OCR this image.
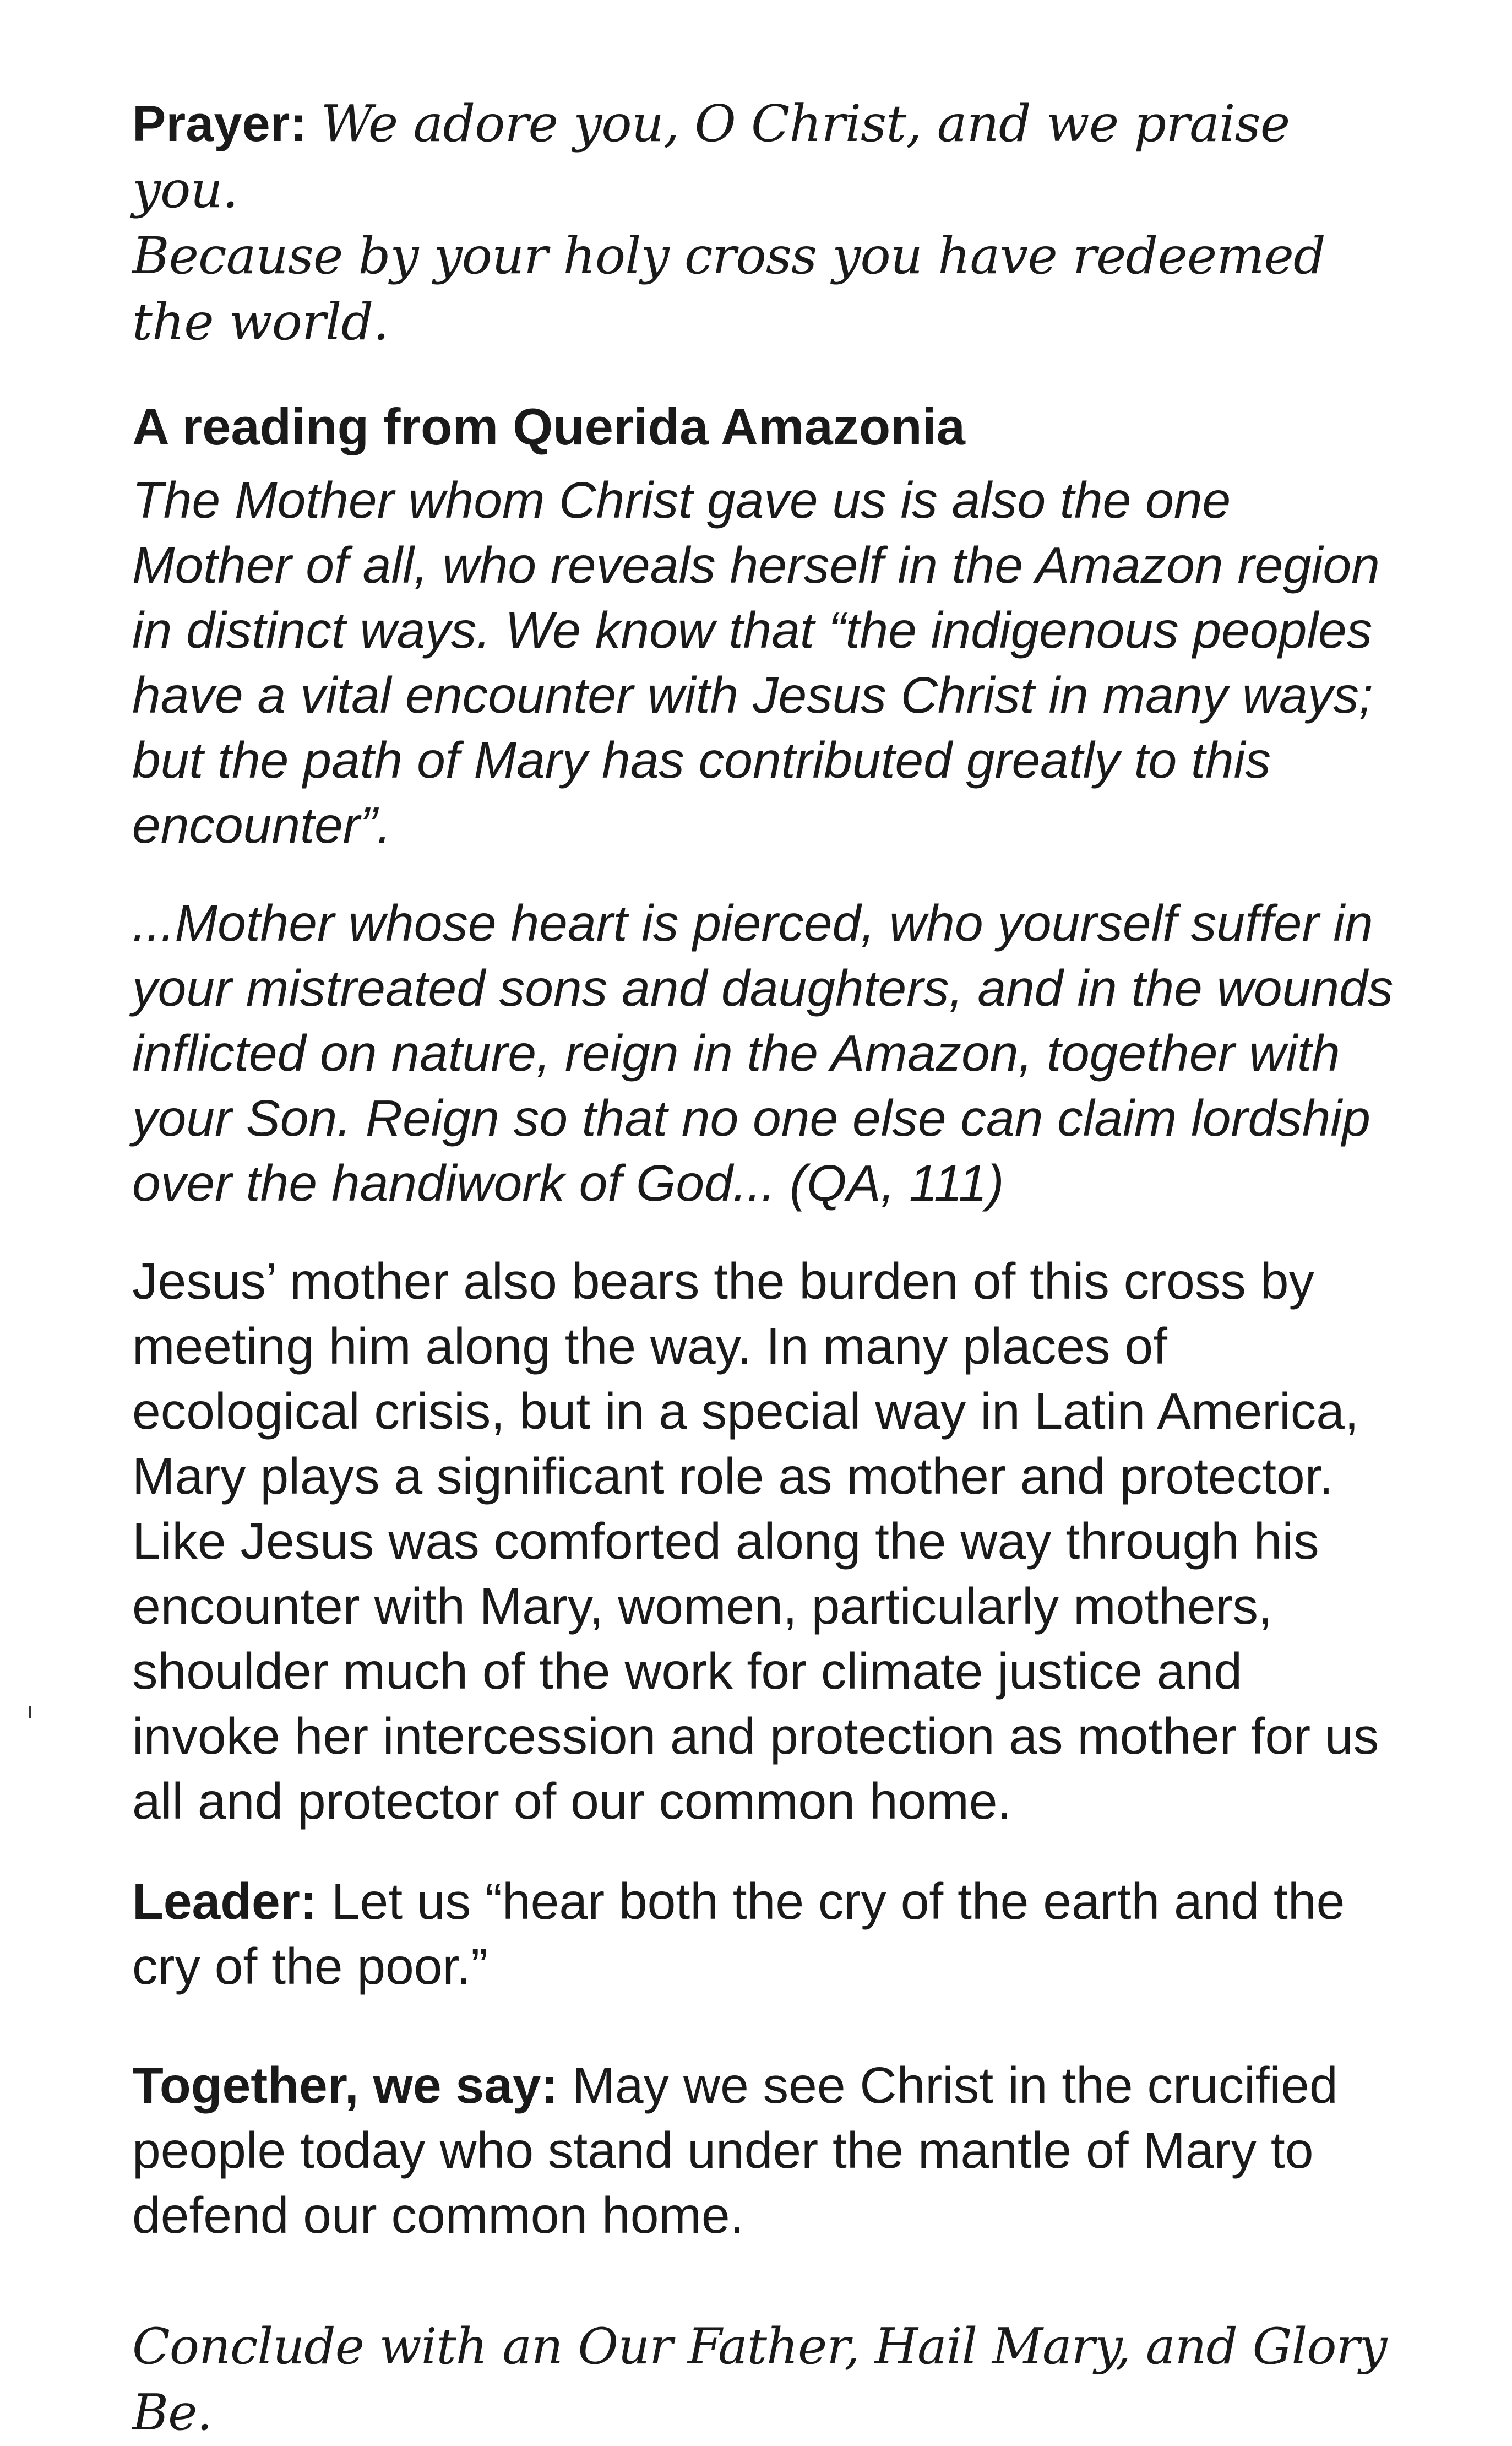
Prayer: We adore you, O Christ, and we praise you.

Because by your holy cross you have redeemed the world.

A reading from Querida Amazonia

The Mother whom Christ gave us is also the one Mother of all, who reveals herself in the Amazon region in distinct ways. We know that “the indigenous peoples have a vital encounter with Jesus Christ in many ways; but the path of Mary has contributed greatly to this encounter”.

...Mother whose heart is pierced, who yourself suffer in your mistreated sons and daughters, and in the wounds inflicted on nature, reign in the Amazon, together with your Son. Reign so that no one else can claim lordship over the handiwork of God... (QA, 111)

Jesus’ mother also bears the burden of this cross by meeting him along the way. In many places of ecological crisis, but in a special way in Latin America, Mary plays a significant role as mother and protector. Like Jesus was comforted along the way through his encounter with Mary, women, particularly mothers, shoulder much of the work for climate justice and invoke her intercession and protection as mother for us all and protector of our common home.

Leader: Let us “hear both the cry of the earth and the cry of the poor.”

Together, we say: May we see Christ in the crucified people today who stand under the mantle of Mary to defend our common home.

Conclude with an Our Father, Hail Mary, and Glory Be.
